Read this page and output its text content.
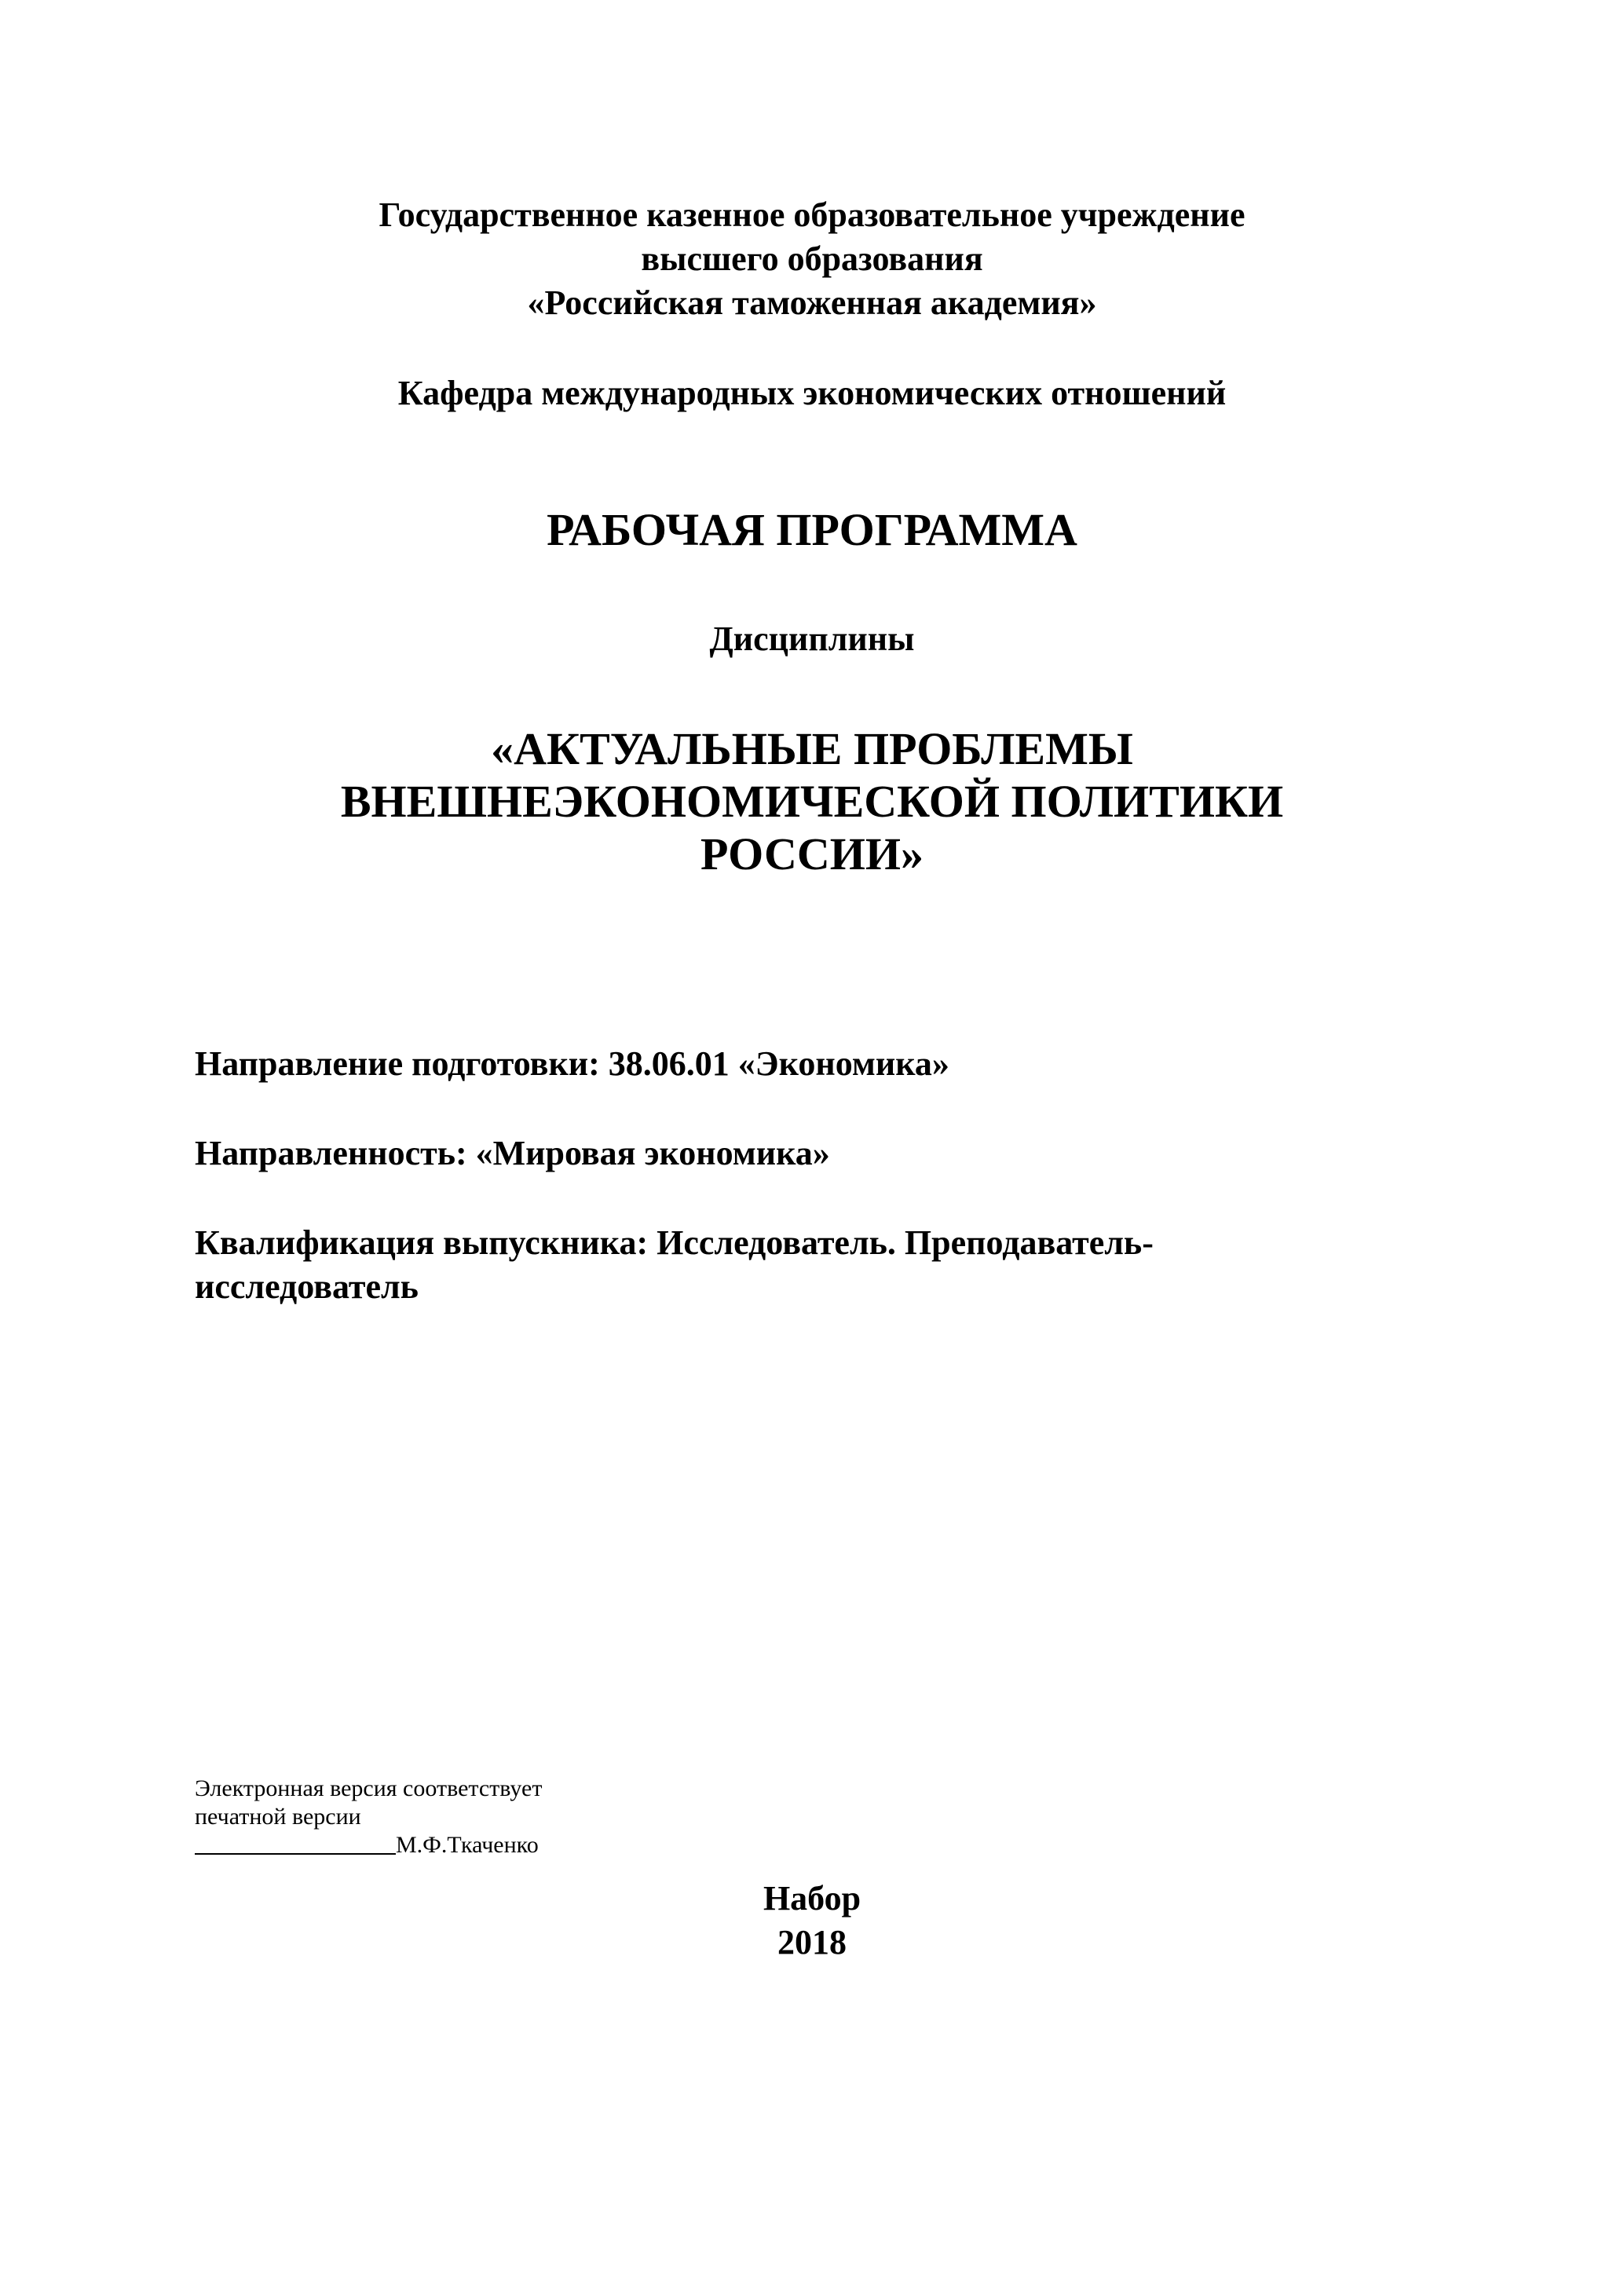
Государственное казенное образовательное учреждение
высшего образования
«Российская таможенная академия»
Кафедра международных экономических отношений
РАБОЧАЯ ПРОГРАММА
Дисциплины
«АКТУАЛЬНЫЕ ПРОБЛЕМЫ
ВНЕШНЕЭКОНОМИЧЕСКОЙ ПОЛИТИКИ
РОССИИ»
Направление подготовки: 38.06.01 «Экономика»
Направленность: «Мировая экономика»
Квалификация выпускника: Исследователь. Преподаватель-
исследователь
Электронная версия соответствует
печатной версии
М.Ф.Ткаченко
Набор
2018
